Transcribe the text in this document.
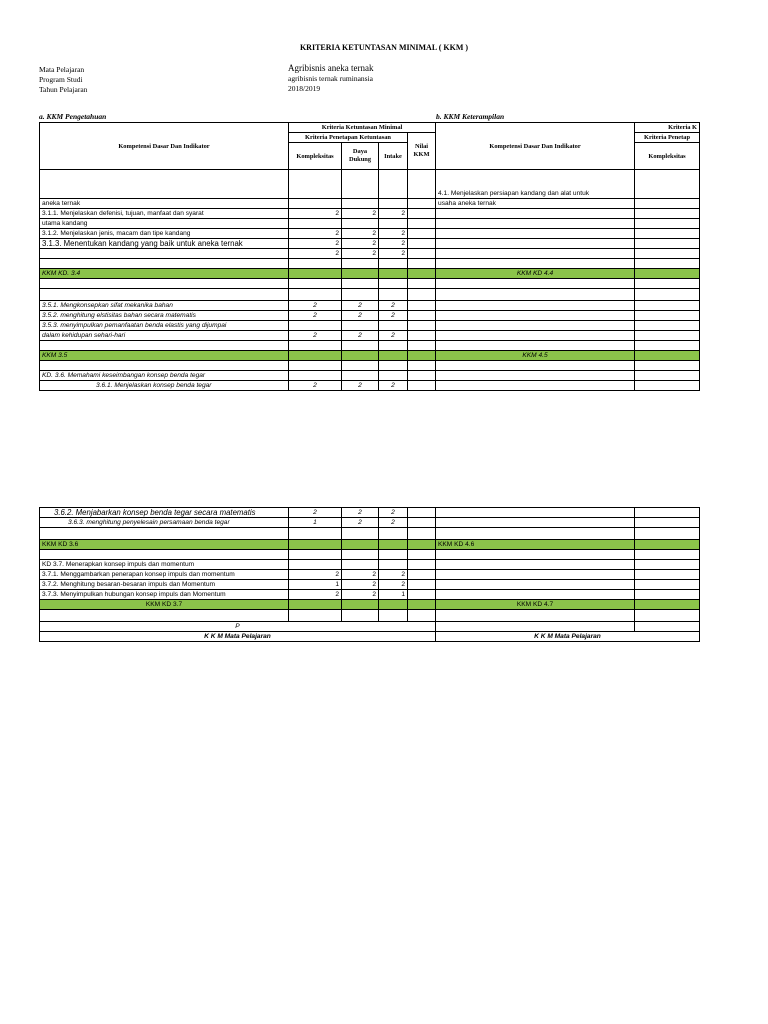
KRITERIA KETUNTASAN MINIMAL ( KKM )
Mata Pelajaran
Program Studi
Tahun Pelajaran
Agribisnis aneka ternak
agribisnis ternak ruminansia
2018/2019
a. KKM Pengetahuan	b. KKM Keterampilan
Kompetensi Dasar Dan Indikator	Kriteria Ketuntasan Minimal				Kompetensi Dasar Dan Indikator	Kriteria K
	Kriteria Penetapan Ketuntasan			Nilai KKM		Kriteria Penetap
	Kompleksitas	Daya Dukung	Intake			Kompleksitas

					4.1. Menjelaskan persiapan kandang dan alat untuk	
aneka ternak					usaha aneka ternak	
3.1.1. Menjelaskan defenisi, tujuan, manfaat dan syarat	2	2	2			
utama kandang						
3.1.2. Menjelaskan jenis, macam dan tipe kandang	2	2	2			
3.1.3. Menentukan kandang yang baik untuk aneka ternak	2	2	2			
	2	2	2			

KKM KD. 3.4					KKM KD 4.4	

3.5.1. Mengkonsepkan sifat mekanika bahan	2	2	2			
3.5.2. menghitung elstisitas bahan secara matematis	2	2	2			
3.5.3. menyimpulkan pemanfaatan benda elastis yang dijumpai						
dalam kehidupan sehari-hari	2	2	2			

KKM 3.5					KKM 4.5	

KD. 3.6. Memahami keseimbangan konsep benda tegar						
3.6.1. Menjelaskan konsep benda tegar	2	2	2			
3.6.2. Menjabarkan konsep benda tegar secara matematis	2	2	2			
3.6.3. menghitung penyelesain persamaan benda tegar	1	2	2			

KKM KD 3.6					KKM KD 4.6	

KD 3.7. Menerapkan konsep impuls dan momentum						
3.7.1. Menggambarkan penerapan konsep impuls dan momentum	2	2	2			
3.7.2. Menghitung besaran-besaran impuls dan Momentum	1	2	2			
3.7.3. Menyimpulkan hubungan konsep impuls dan Momentum	2	2	1			
KKM KD 3.7					KKM KD 4.7	

P						
K K M Mata Pelajaran					K K M Mata Pelajaran	
